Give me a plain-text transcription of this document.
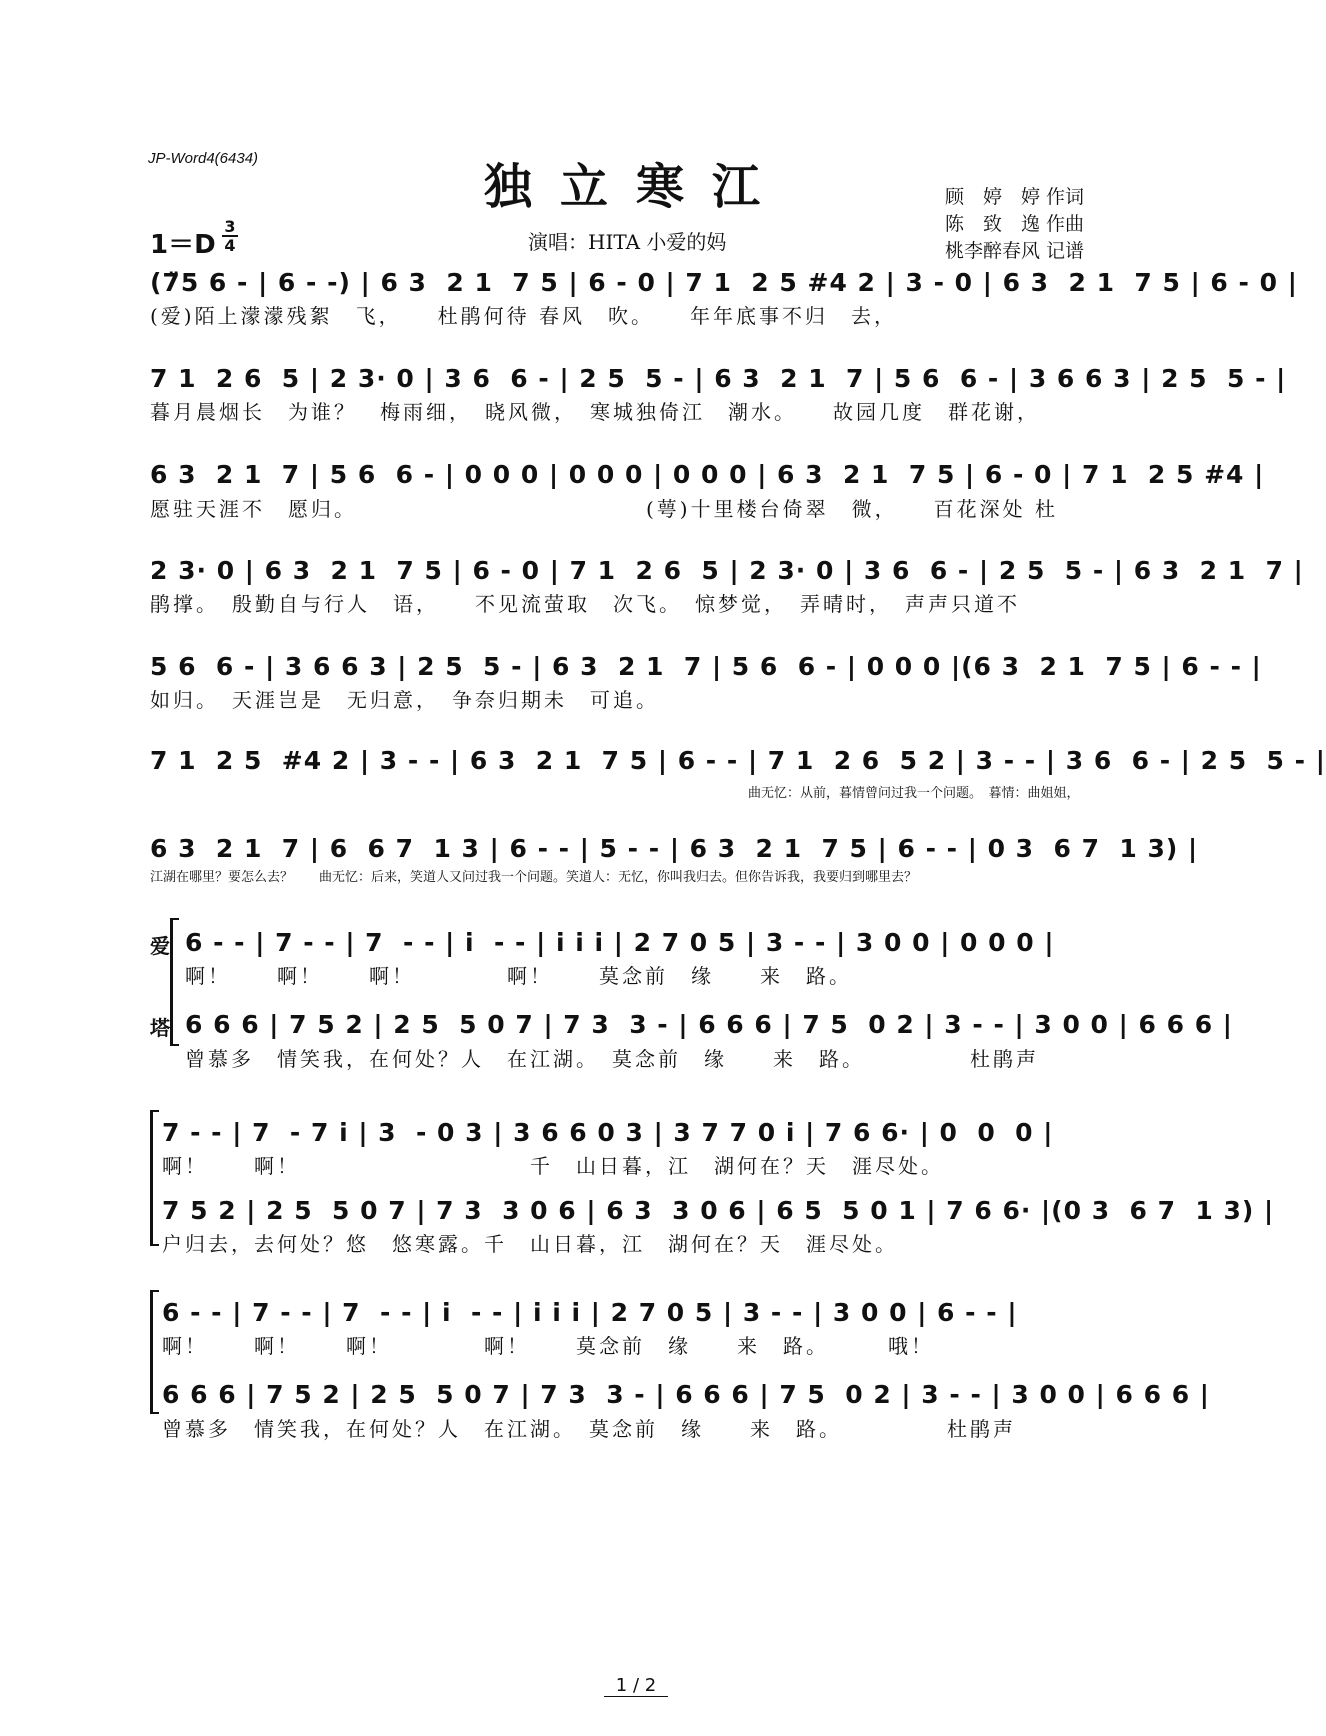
JP-Word4(6434)
独立寒江
1＝D
3
4	演唱：HITA 小爱的妈
顾　婷　婷 作词
陈　致　逸 作曲
桃李醉春风 记谱
(7̈5 6 - | 6 - -) | 6 3  2 1  7 5 | 6 - 0 | 7 1  2 5 #4 2 | 3 - 0 | 6 3  2 1  7 5 | 6 - 0 |
(爱)陌上濛濛残絮　飞，　　杜鹃何待 春风　吹。　　年年底事不归　去，
7 1  2 6  5 | 2 3· 0 | 3 6  6 - | 2 5  5 - | 6 3  2 1  7 | 5 6  6 - | 3 6 6 3 | 2 5  5 - |
暮月晨烟长　为谁？　梅雨细，　晓风微，　寒城独倚江　潮水。　　故园几度　群花谢，
6 3  2 1  7 | 5 6  6 - | 0 0 0 | 0 0 0 | 0 0 0 | 6 3  2 1  7 5 | 6 - 0 | 7 1  2 5 #4 |
愿驻天涯不　愿归。　　　　　　　　　　　　　(萼)十里楼台倚翠　微，　　百花深处 杜
2 3· 0 | 6 3  2 1  7 5 | 6 - 0 | 7 1  2 6  5 | 2 3· 0 | 3 6  6 - | 2 5  5 - | 6 3  2 1  7 |
鹃撑。　殷勤自与行人　语，　　不见流萤取　次飞。　惊梦觉，　弄晴时，　声声只道不
5 6  6 - | 3 6 6 3 | 2 5  5 - | 6 3  2 1  7 | 5 6  6 - | 0 0 0 |(6 3  2 1  7 5 | 6 - - |
如归。　天涯岂是　无归意，　争奈归期未　可追。
7 1  2 5  #4 2 | 3 - - | 6 3  2 1  7 5 | 6 - - | 7 1  2 6  5 2 | 3 - - | 3 6  6 - | 2 5  5 - |
　　　　　　　　　　　　　　　　　　　　　　　　　　　　　　　　　　　　　　　　　　　　　　曲无忆：从前，暮情曾问过我一个问题。　暮情：曲姐姐，
6 3  2 1  7 | 6  6 7  1 3 | 6 - - | 5 - - | 6 3  2 1  7 5 | 6 - - | 0 3  6 7  1 3) |
江湖在哪里？要怎么去？　　曲无忆：后来，笑道人又问过我一个问题。笑道人：无忆，你叫我归去。但你告诉我，我要归到哪里去？
爱
塔
6 - - | 7 - - | 7  - - | i  - - | i i i | 2 7 0 5 | 3 - - | 3 0 0 | 0 0 0 |
啊！　　啊！　　啊！　　　　啊！　　莫念前　缘　　来　路。
6 6 6 | 7 5 2 | 2 5  5 0 7 | 7 3  3 - | 6 6 6 | 7 5  0 2 | 3 - - | 3 0 0 | 6 6 6 |
曾慕多　情笑我，在何处？人　在江湖。　莫念前　缘　　来　路。　　　　　杜鹃声
7 - - | 7  - 7 i | 3  - 0 3 | 3 6 6 0 3 | 3 7 7 0 i | 7 6 6· | 0  0  0 |
啊！　　啊！　　　　　　　　　　千　山日暮，江　湖何在？天　涯尽处。
7 5 2 | 2 5  5 0 7 | 7 3  3 0 6 | 6 3  3 0 6 | 6 5  5 0 1 | 7 6 6· |(0 3  6 7  1 3) |
户归去，去何处？悠　悠寒露。千　山日暮，江　湖何在？天　涯尽处。
6 - - | 7 - - | 7  - - | i  - - | i i i | 2 7 0 5 | 3 - - | 3 0 0 | 6 - - |
啊！　　啊！　　啊！　　　　啊！　　莫念前　缘　　来　路。　　　哦！
6 6 6 | 7 5 2 | 2 5  5 0 7 | 7 3  3 - | 6 6 6 | 7 5  0 2 | 3 - - | 3 0 0 | 6 6 6 |
曾慕多　情笑我，在何处？人　在江湖。　莫念前　缘　　来　路。　　　　　杜鹃声
1 / 2
